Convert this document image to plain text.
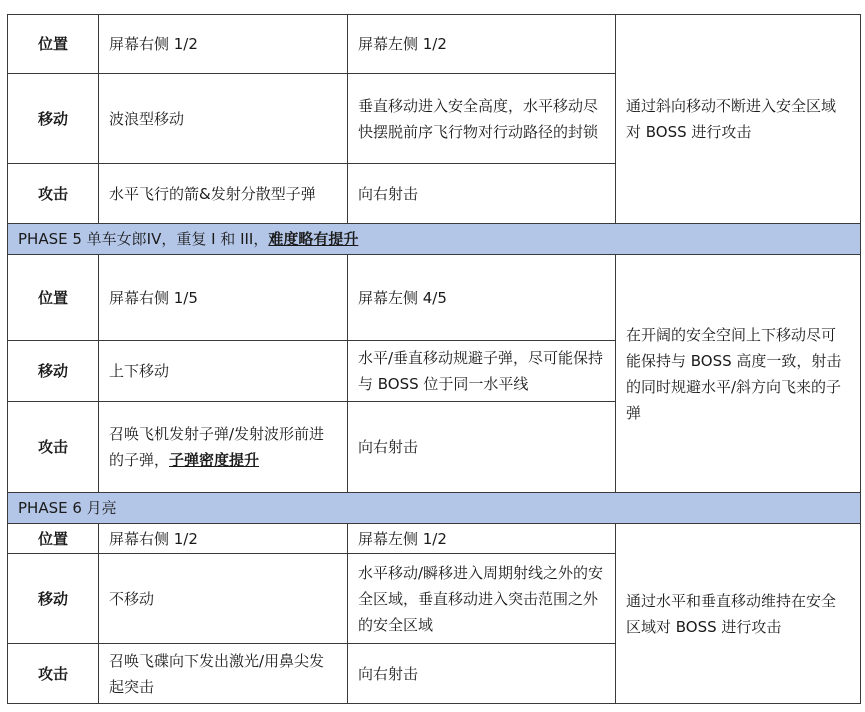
位置	屏幕右侧 1/2	屏幕左侧 1/2	通过斜向移动不断进入安全区域对 BOSS 进行攻击
移动	波浪型移动	垂直移动进入安全高度，水平移动尽快摆脱前序飞行物对行动路径的封锁	
攻击	水平飞行的箭&发射分散型子弹	向右射击	
PHASE 5 单车女郎IV，重复 I 和 III，难度略有提升			
位置	屏幕右侧 1/5	屏幕左侧 4/5	在开阔的安全空间上下移动尽可能保持与 BOSS 高度一致，射击的同时规避水平/斜方向飞来的子弹
移动	上下移动	水平/垂直移动规避子弹，尽可能保持与 BOSS 位于同一水平线	
攻击	召唤飞机发射子弹/发射波形前进的子弹，子弹密度提升	向右射击	
PHASE 6 月亮			
位置	屏幕右侧 1/2	屏幕左侧 1/2	通过水平和垂直移动维持在安全区域对 BOSS 进行攻击
移动	不移动	水平移动/瞬移进入周期射线之外的安全区域，垂直移动进入突击范围之外的安全区域	
攻击	召唤飞碟向下发出激光/用鼻尖发起突击	向右射击	
